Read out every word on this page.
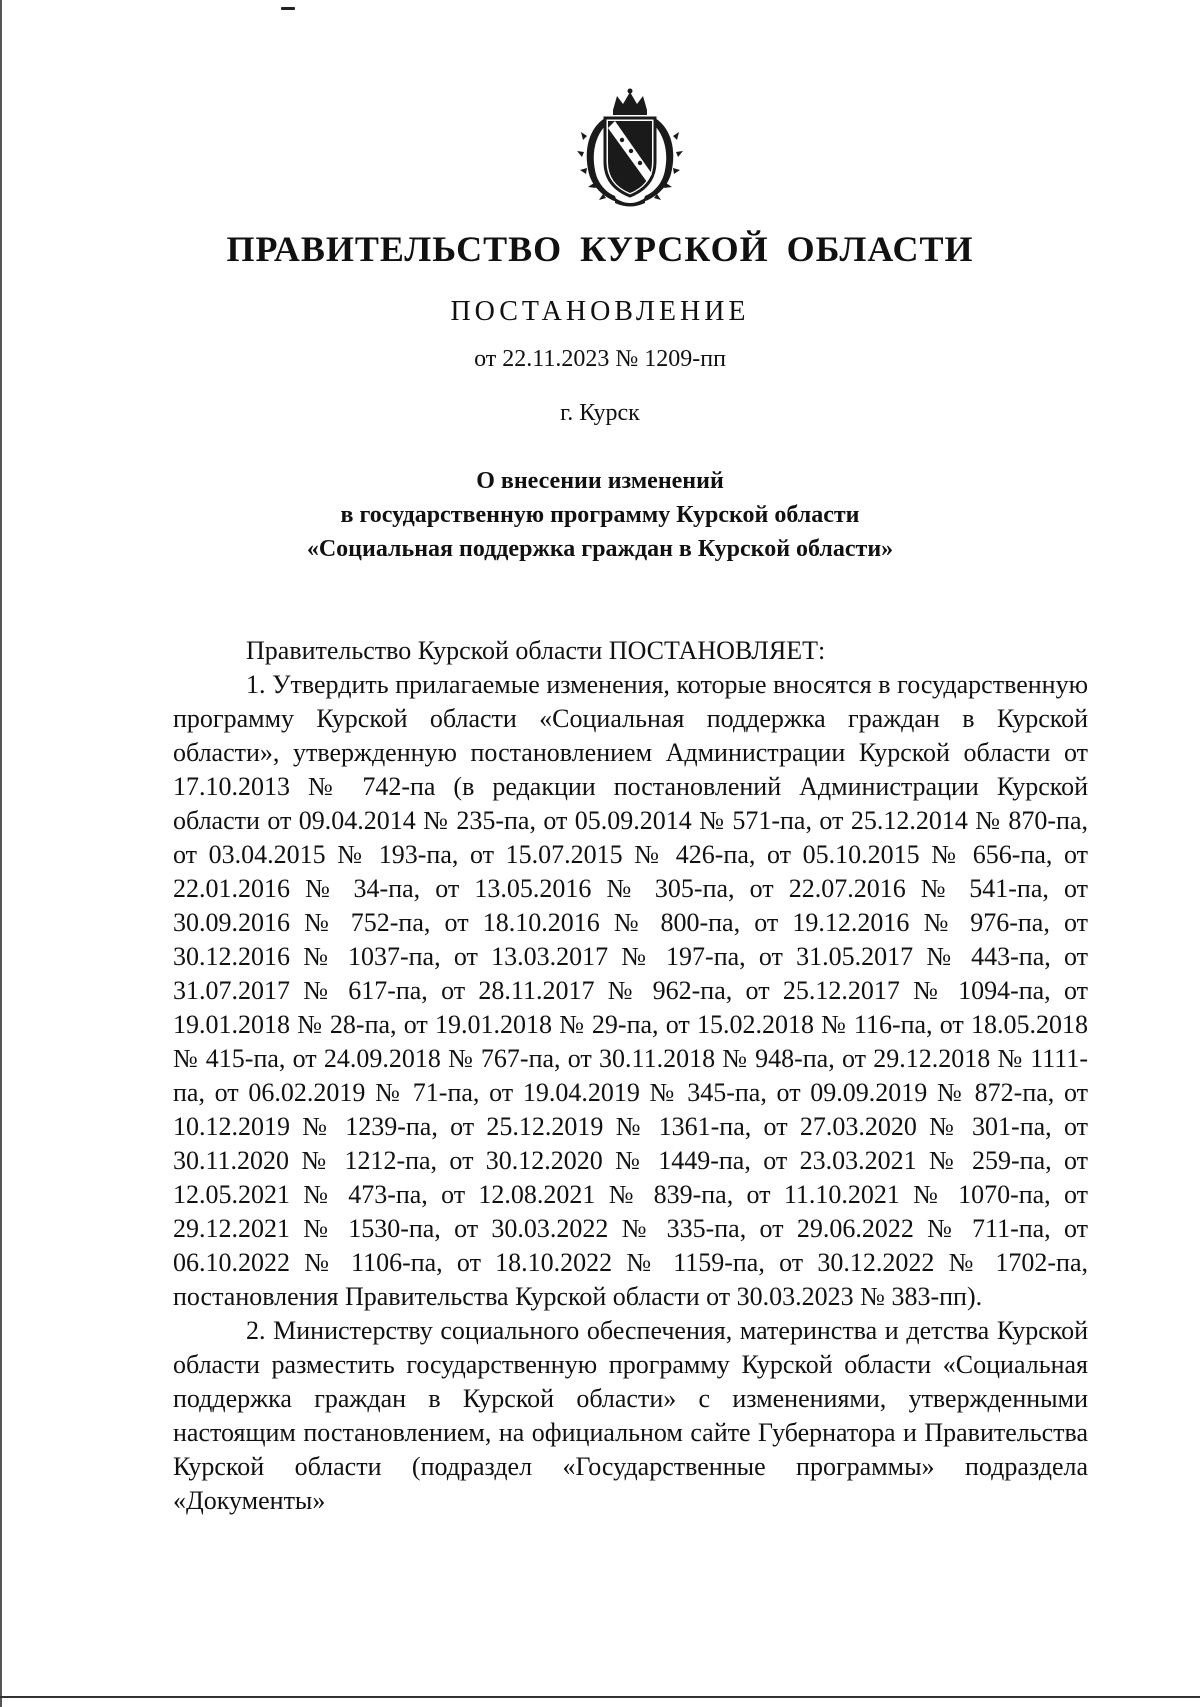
ПРАВИТЕЛЬСТВО КУРСКОЙ ОБЛАСТИ
ПОСТАНОВЛЕНИЕ
от 22.11.2023 № 1209-пп
г. Курск
О внесении изменений
в государственную программу Курской области
«Социальная поддержка граждан в Курской области»

Правительство Курской области ПОСТАНОВЛЯЕТ:

1. Утвердить прилагаемые изменения, которые вносятся в государственную программу Курской области «Социальная поддержка граждан в Курской области», утвержденную постановлением Администрации Курской области от 17.10.2013 № 742-па (в редакции постановлений Администрации Курской области от 09.04.2014 № 235-па, от 05.09.2014 № 571-па, от 25.12.2014 № 870-па, от 03.04.2015 № 193-па, от 15.07.2015 № 426-па, от 05.10.2015 № 656-па, от 22.01.2016 № 34-па, от 13.05.2016 № 305-па, от 22.07.2016 № 541-па, от 30.09.2016 № 752-па, от 18.10.2016 № 800-па, от 19.12.2016 № 976-па, от 30.12.2016 № 1037-па, от 13.03.2017 № 197-па, от 31.05.2017 № 443-па, от 31.07.2017 № 617-па, от 28.11.2017 № 962-па, от 25.12.2017 № 1094-па, от 19.01.2018 № 28-па, от 19.01.2018 № 29-па, от 15.02.2018 № 116-па, от 18.05.2018 № 415-па, от 24.09.2018 № 767-па, от 30.11.2018 № 948-па, от 29.12.2018 № 1111-па, от 06.02.2019 № 71-па, от 19.04.2019 № 345-па, от 09.09.2019 № 872-па, от 10.12.2019 № 1239-па, от 25.12.2019 № 1361-па, от 27.03.2020 № 301-па, от 30.11.2020 № 1212-па, от 30.12.2020 № 1449-па, от 23.03.2021 № 259-па, от 12.05.2021 № 473-па, от 12.08.2021 № 839-па, от 11.10.2021 № 1070-па, от 29.12.2021 № 1530-па, от 30.03.2022 № 335-па, от 29.06.2022 № 711-па, от 06.10.2022 № 1106-па, от 18.10.2022 № 1159-па, от 30.12.2022 № 1702-па, постановления Правительства Курской области от 30.03.2023 № 383-пп).

2. Министерству социального обеспечения, материнства и детства Курской области разместить государственную программу Курской области «Социальная поддержка граждан в Курской области» с изменениями, утвержденными настоящим постановлением, на официальном сайте Губернатора и Правительства Курской области (подраздел «Государственные программы» подраздела «Документы»
